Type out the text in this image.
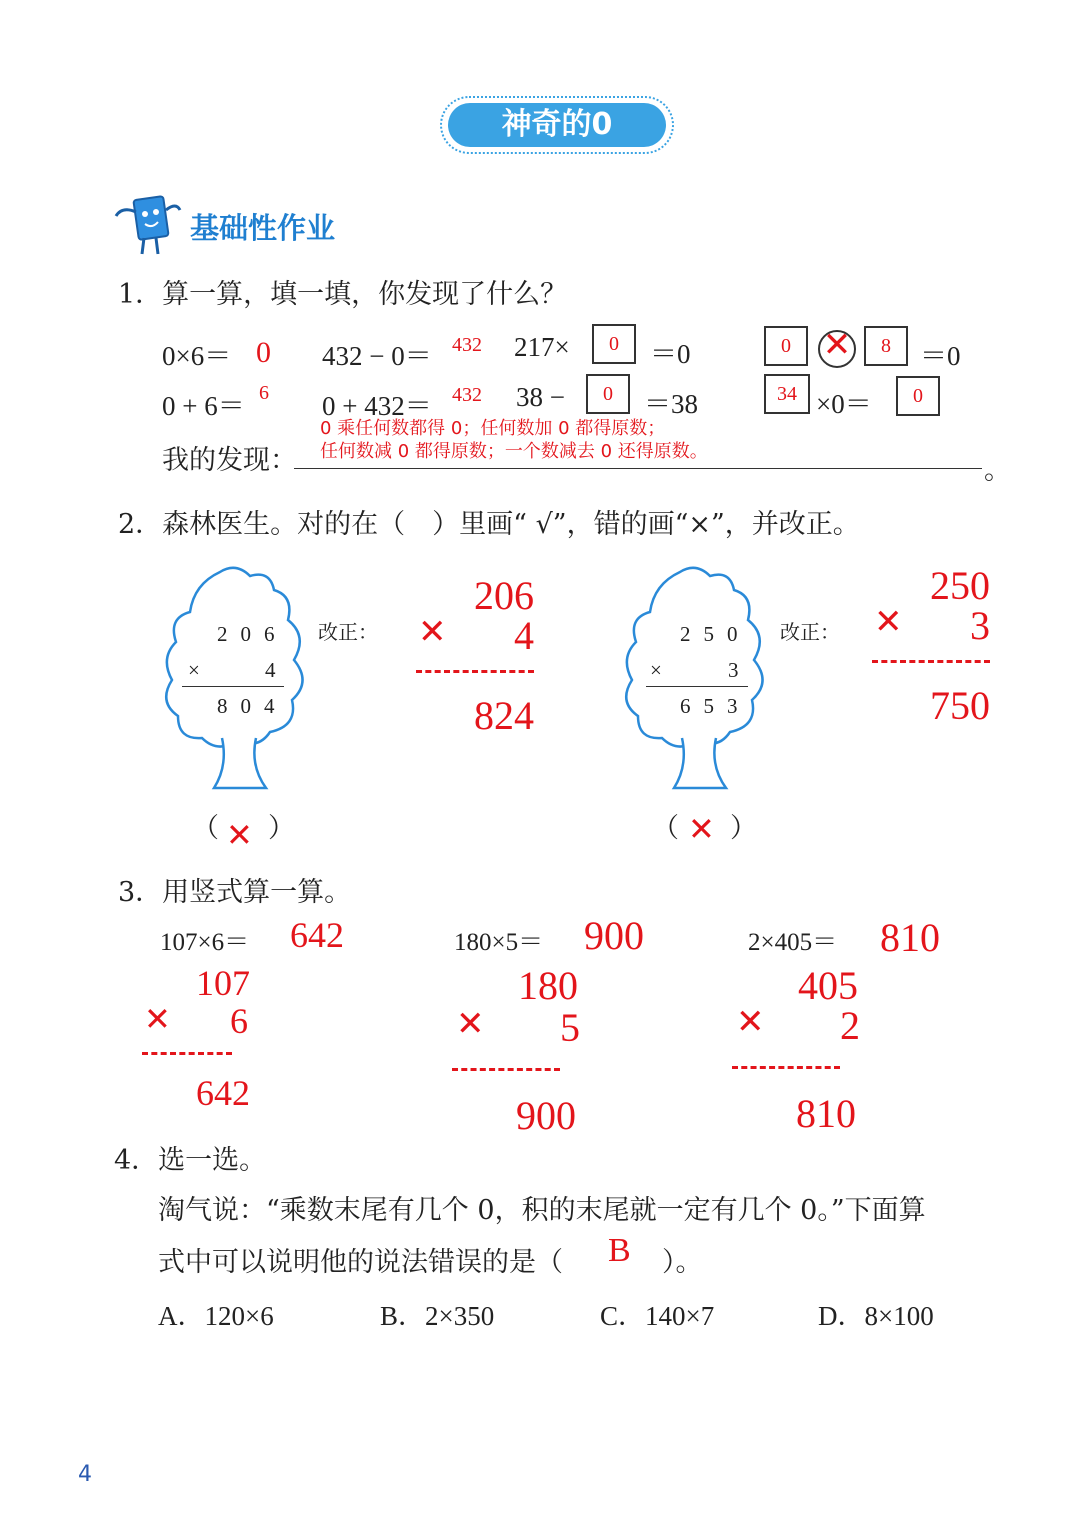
神奇的0
基础性作业
1．算一算，填一填，你发现了什么？
0×6＝ 0 432 − 0＝ 432 217×	0	＝0	0 ✕	8	＝0
0 + 6＝ 6 0 + 432＝ 432 38 −	0	＝38	34 ×0＝	0
0 乘任何数都得 0；任何数加 0 都得原数；
任何数减 0 都得原数；一个数减去 0 还得原数。
我的发现：	。
2．森林医生。对的在（　）里画“ √”，错的画“×”，并改正。
206
× 4
804
改正：
206
✕ 4
824
（ ✕ ）
250
×	3
653
改正：
250
✕ 3
750
（ ✕ ）
3．用竖式算一算。
107×6＝ 642
107
✕ 6
642
180×5＝ 900
180
✕ 5
900
2×405＝ 810
405
✕ 2
810
4．选一选。
淘气说：“乘数末尾有几个 0，积的末尾就一定有几个 0。”下面算
式中可以说明他的说法错误的是（ B ）。
A．120×6	B．2×350	C．140×7	D．8×100
4
